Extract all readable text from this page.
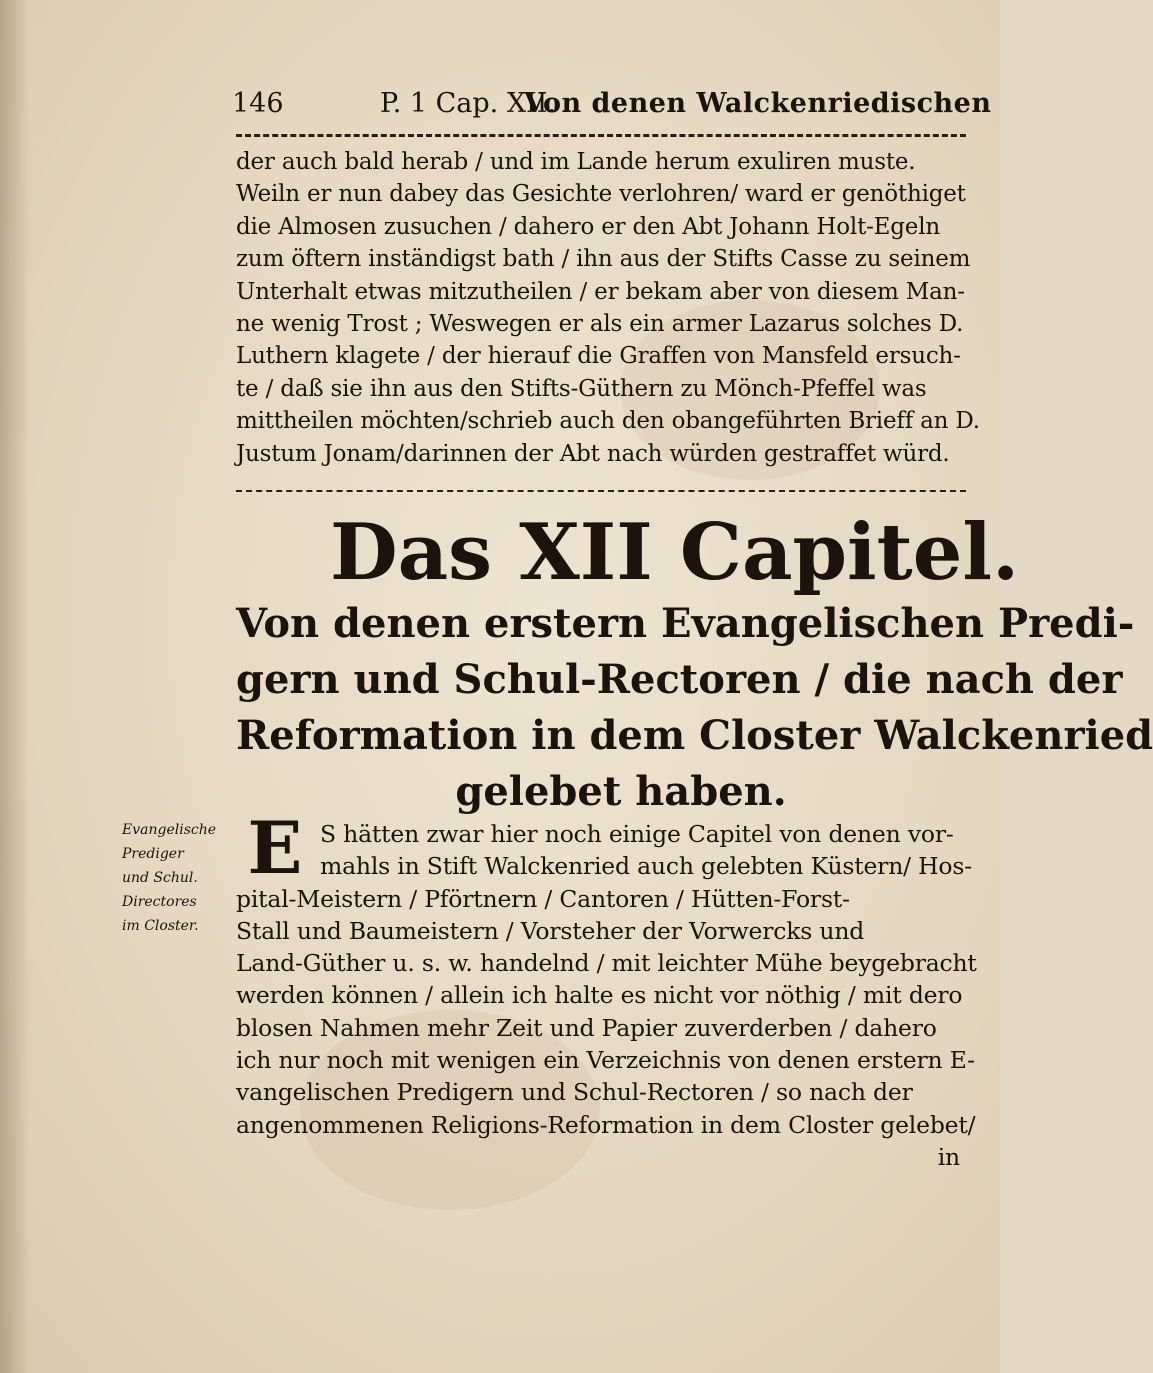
146	P. 1 Cap. XII.
Von denen Walckenriedischen
der auch bald herab / und im Lande herum exuliren muste.
Weiln er nun dabey das Gesichte verlohren/ ward er genöthiget
die Almosen zusuchen / dahero er den Abt Johann Holt-Egeln
zum öftern inständigst bath / ihn aus der Stifts Casse zu seinem
Unterhalt etwas mitzutheilen / er bekam aber von diesem Man-
ne wenig Trost ; Weswegen er als ein armer Lazarus solches D.
Luthern klagete / der hierauf die Graffen von Mansfeld ersuch-
te / daß sie ihn aus den Stifts-Güthern zu Mönch-Pfeffel was
mittheilen möchten/schrieb auch den obangeführten Brieff an D.
Justum Jonam/darinnen der Abt nach würden gestraffet würd.
Das XII Capitel.
Von denen erstern Evangelischen Predi-
gern und Schul-Rectoren / die nach der
Reformation in dem Closter Walckenried
gelebet haben.
Evangelische
Prediger
und Schul.
Directores
im Closter.
E S hätten zwar hier noch einige Capitel von denen vor-
mahls in Stift Walckenried auch gelebten Küstern/ Hos-
pital-Meistern / Pförtnern / Cantoren / Hütten-Forst-
Stall und Baumeistern / Vorsteher der Vorwercks und
Land-Güther u. s. w. handelnd / mit leichter Mühe beygebracht
werden können / allein ich halte es nicht vor nöthig / mit dero
blosen Nahmen mehr Zeit und Papier zuverderben / dahero
ich nur noch mit wenigen ein Verzeichnis von denen erstern E-
vangelischen Predigern und Schul-Rectoren / so nach der
angenommenen Religions-Reformation in dem Closter gelebet/
in
